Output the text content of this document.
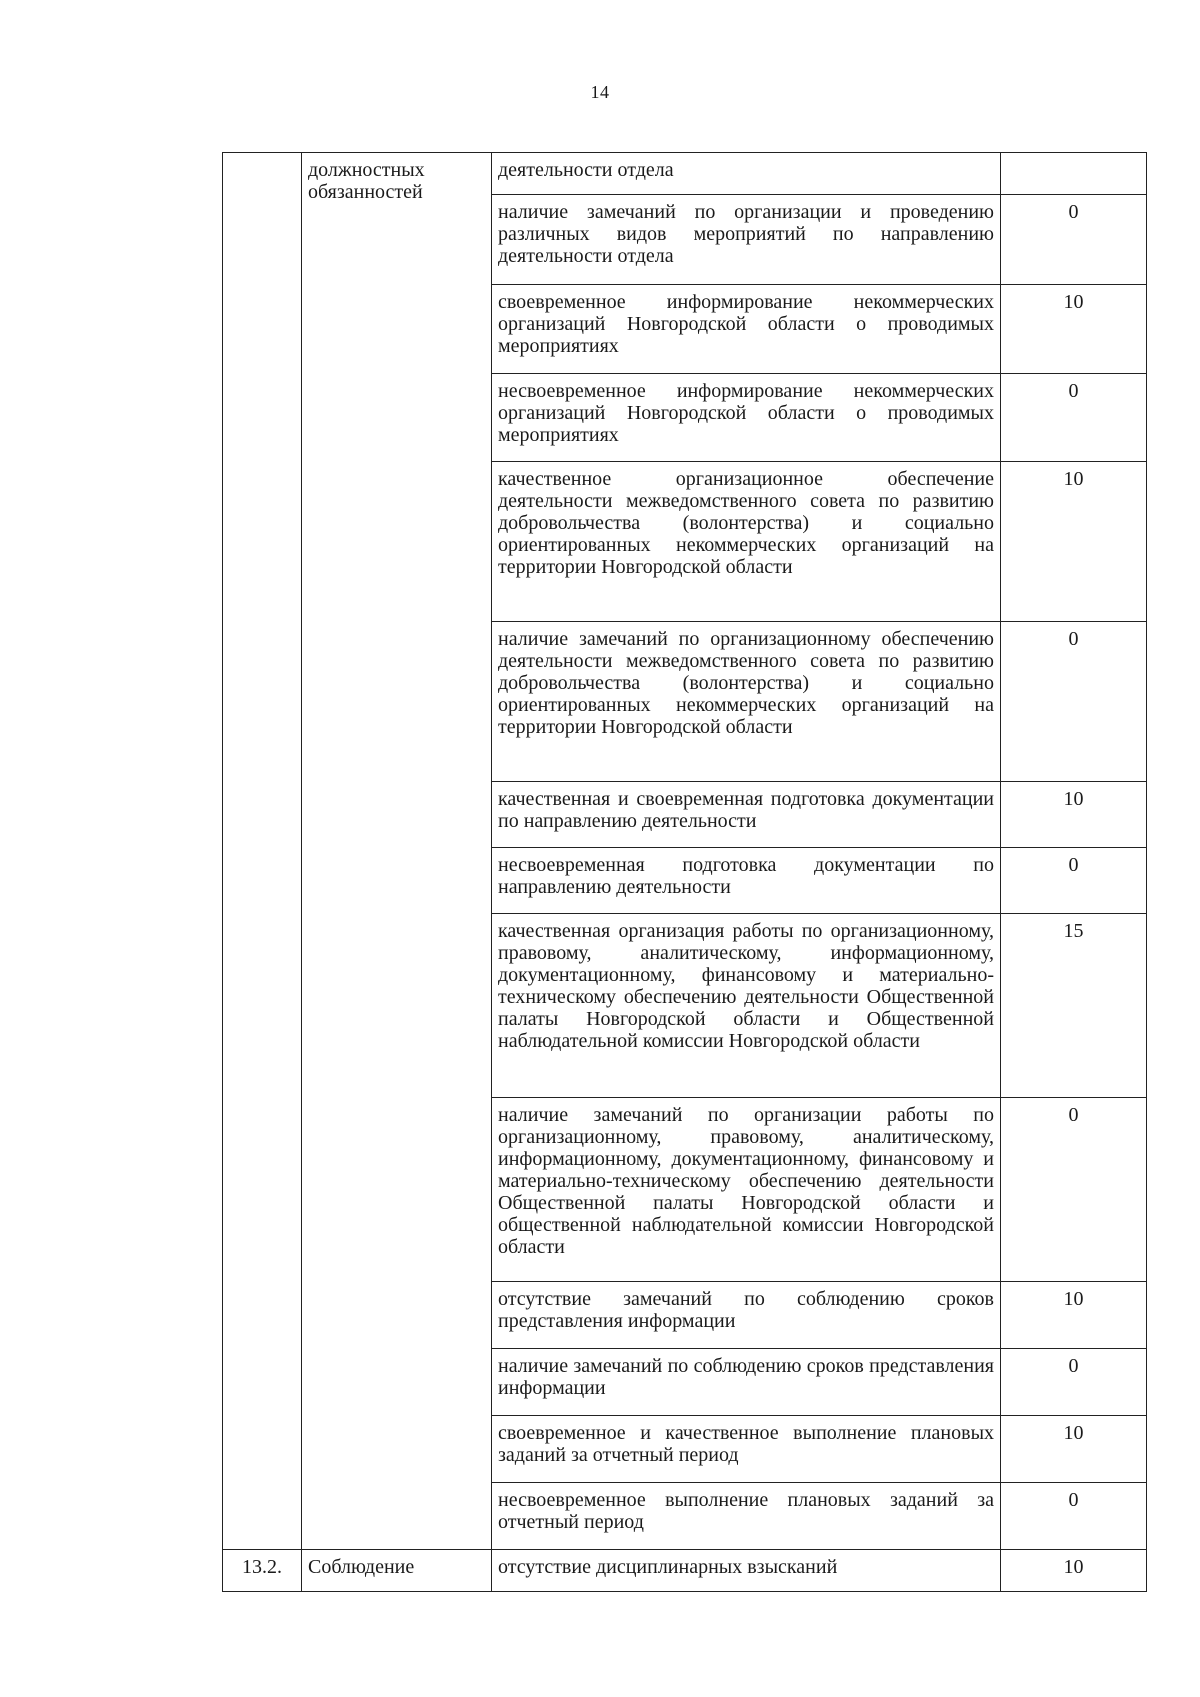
14
	должностных обязанностей	деятельности отдела	
		наличие замечаний по организации и проведению различных видов мероприятий по направлению деятельности отдела	0
		своевременное информирование некоммерческих организаций Новгородской области о проводимых мероприятиях	10
		несвоевременное информирование некоммерческих организаций Новгородской области о проводимых мероприятиях	0
		качественное организационное обеспечение деятельности межведомственного совета по развитию добровольчества (волонтерства) и социально ориентированных некоммерческих организаций на территории Новгородской области	10
		наличие замечаний по организационному обеспечению деятельности межведомственного совета по развитию добровольчества (волонтерства) и социально ориентированных некоммерческих организаций на территории Новгородской области	0
		качественная и своевременная подготовка документации по направлению деятельности	10
		несвоевременная подготовка документации по направлению деятельности	0
		качественная организация работы по организационному, правовому, аналитическому, информационному, документационному, финансовому и материально-техническому обеспечению деятельности Общественной палаты Новгородской области и Общественной наблюдательной комиссии Новгородской области	15
		наличие замечаний по организации работы по организационному, правовому, аналитическому, информационному, документационному, финансовому и материально-техническому обеспечению деятельности Общественной палаты Новгородской области и общественной наблюдательной комиссии Новгородской области	0
		отсутствие замечаний по соблюдению сроков представления информации	10
		наличие замечаний по соблюдению сроков представления информации	0
		своевременное и качественное выполнение плановых заданий за отчетный период	10
		несвоевременное выполнение плановых заданий за отчетный период	0
13.2.	Соблюдение	отсутствие дисциплинарных взысканий	10
